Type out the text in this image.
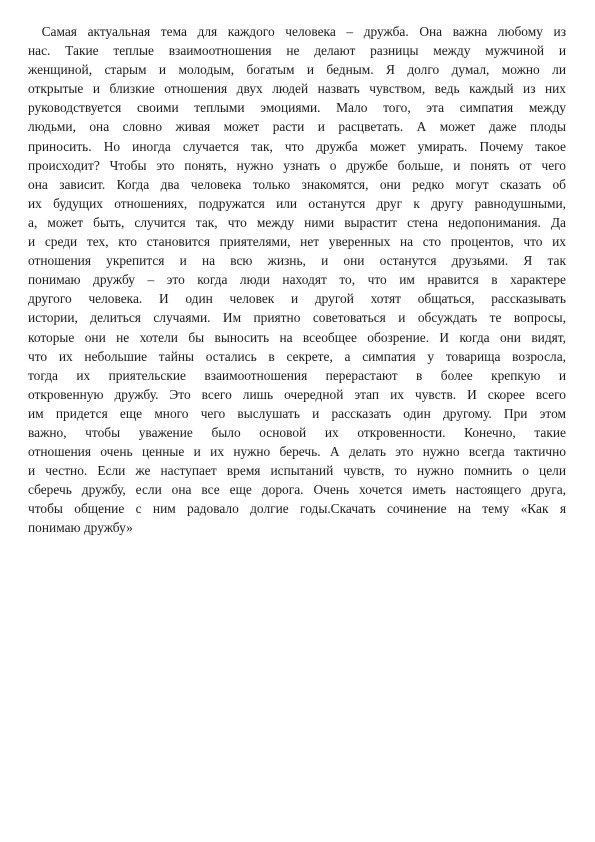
Самая актуальная тема для каждого человека – дружба. Она важна любому из
нас. Такие теплые взаимоотношения не делают разницы между мужчиной и
женщиной, старым и молодым, богатым и бедным. Я долго думал, можно ли
открытые и близкие отношения двух людей назвать чувством, ведь каждый из них
руководствуется своими теплыми эмоциями. Мало того, эта симпатия между
людьми, она словно живая может расти и расцветать. А может даже плоды
приносить. Но иногда случается так, что дружба может умирать. Почему такое
происходит? Чтобы это понять, нужно узнать о дружбе больше, и понять от чего
она зависит. Когда два человека только знакомятся, они редко могут сказать об
их будущих отношениях, подружатся или останутся друг к другу равнодушными,
а, может быть, случится так, что между ними вырастит стена недопонимания. Да
и среди тех, кто становится приятелями, нет уверенных на сто процентов, что их
отношения укрепится и на всю жизнь, и они останутся друзьями. Я так
понимаю дружбу – это когда люди находят то, что им нравится в характере
другого человека. И один человек и другой хотят общаться, рассказывать
истории, делиться случаями. Им приятно советоваться и обсуждать те вопросы,
которые они не хотели бы выносить на всеобщее обозрение. И когда они видят,
что их небольшие тайны остались в секрете, а симпатия у товарища возросла,
тогда их приятельские взаимоотношения перерастают в более крепкую и
откровенную дружбу. Это всего лишь очередной этап их чувств. И скорее всего
им придется еще много чего выслушать и рассказать один другому. При этом
важно, чтобы уважение было основой их откровенности. Конечно, такие
отношения очень ценные и их нужно беречь. А делать это нужно всегда тактично
и честно. Если же наступает время испытаний чувств, то нужно помнить о цели
сберечь дружбу, если она все еще дорога. Очень хочется иметь настоящего друга,
чтобы общение с ним радовало долгие годы.Скачать сочинение на тему «Как я
понимаю дружбу»
